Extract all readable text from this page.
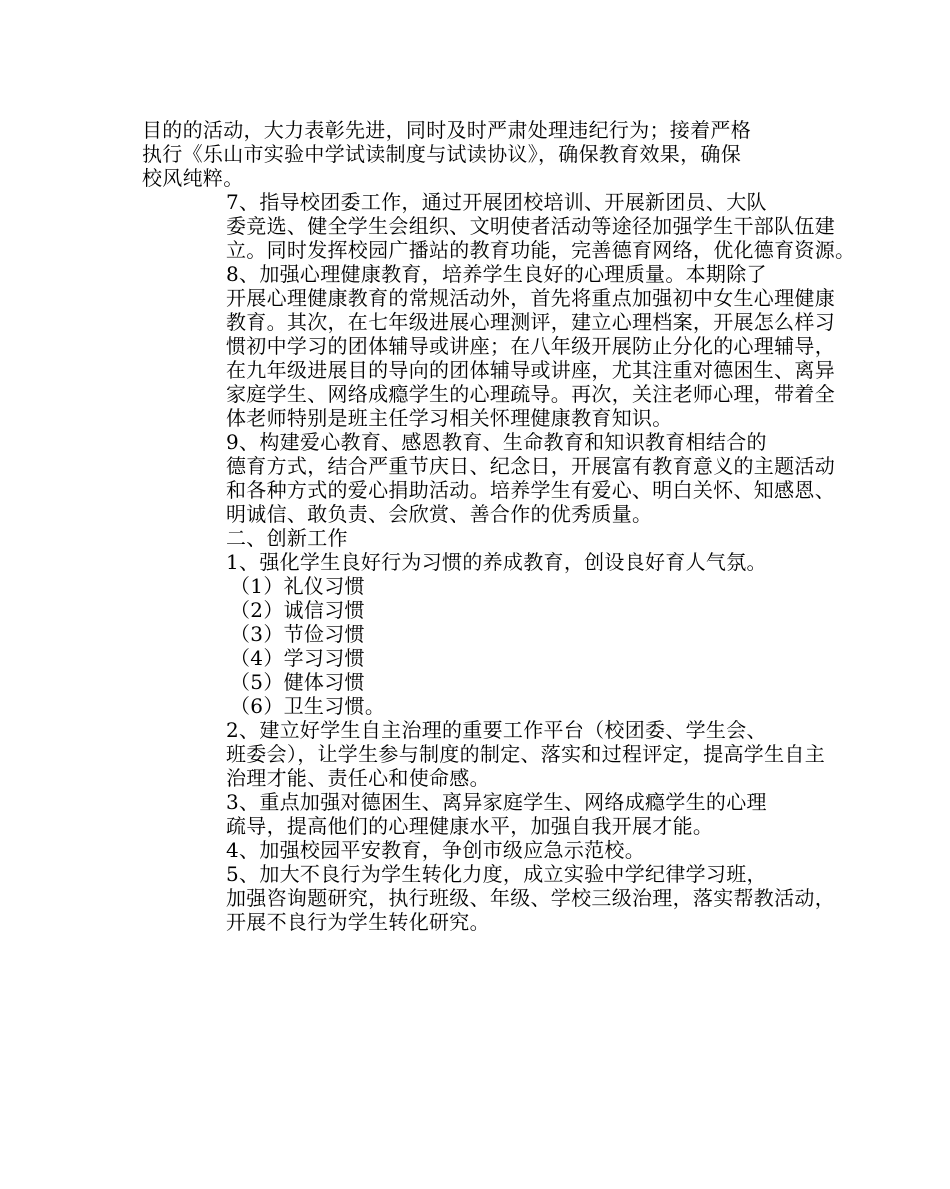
目的的活动，大力表彰先进，同时及时严肃处理违纪行为；接着严格
执行《乐山市实验中学试读制度与试读协议》，确保教育效果，确保
校风纯粹。
7、指导校团委工作，通过开展团校培训、开展新团员、大队
委竞选、健全学生会组织、文明使者活动等途径加强学生干部队伍建
立。同时发挥校园广播站的教育功能，完善德育网络，优化德育资源。
8、加强心理健康教育，培养学生良好的心理质量。本期除了
开展心理健康教育的常规活动外，首先将重点加强初中女生心理健康
教育。其次，在七年级进展心理测评，建立心理档案，开展怎么样习
惯初中学习的团体辅导或讲座；在八年级开展防止分化的心理辅导，
在九年级进展目的导向的团体辅导或讲座，尤其注重对德困生、离异
家庭学生、网络成瘾学生的心理疏导。再次，关注老师心理，带着全
体老师特别是班主任学习相关怀理健康教育知识。
9、构建爱心教育、感恩教育、生命教育和知识教育相结合的
德育方式，结合严重节庆日、纪念日，开展富有教育意义的主题活动
和各种方式的爱心捐助活动。培养学生有爱心、明白关怀、知感恩、
明诚信、敢负责、会欣赏、善合作的优秀质量。
二、创新工作
1、强化学生良好行为习惯的养成教育，创设良好育人气氛。
（1）礼仪习惯
（2）诚信习惯
（3）节俭习惯
（4）学习习惯
（5）健体习惯
（6）卫生习惯。
2、建立好学生自主治理的重要工作平台（校团委、学生会、
班委会），让学生参与制度的制定、落实和过程评定，提高学生自主
治理才能、责任心和使命感。
3、重点加强对德困生、离异家庭学生、网络成瘾学生的心理
疏导，提高他们的心理健康水平，加强自我开展才能。
4、加强校园平安教育，争创市级应急示范校。
5、加大不良行为学生转化力度，成立实验中学纪律学习班，
加强咨询题研究，执行班级、年级、学校三级治理，落实帮教活动，
开展不良行为学生转化研究。
